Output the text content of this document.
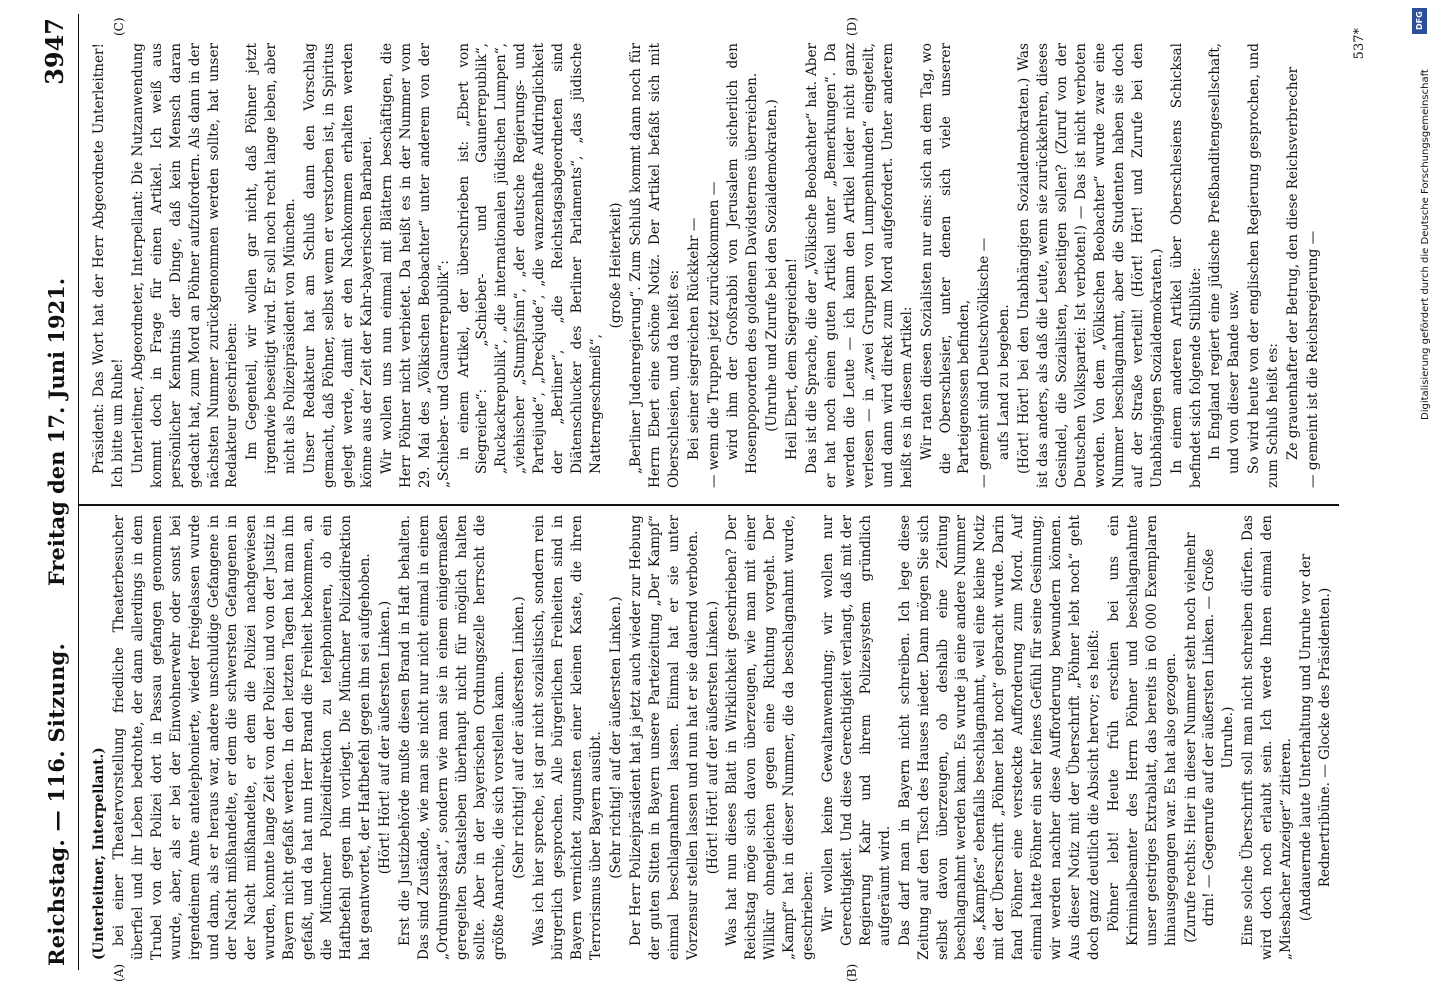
Reichstag. — 116. Sitzung.
Freitag den 17. Juni 1921.
3947
(A)	(B)
(C)	(D)

(Unterleitner, Interpellant.) bei einer Theatervorstellung friedliche Theaterbesucher überfiel und ihr Leben bedrohte, der dann allerdings in dem Trubel von der Polizei dort in Passau gefangen genommen wurde, aber, als er bei der Einwohnerwehr oder sonst bei irgendeinem Amte antelephonierte, wieder freigelassen wurde und dann, als er heraus war, andere unschuldige Gefangene in der Nacht mißhandelte, er dem die schwersten Gefangenen in der Nacht mißhandelte, er dem die Polizei nachgewiesen wurden, konnte lange Zeit von der Polizei und von der Justiz in Bayern nicht gefaßt werden. In den letzten Tagen hat man ihn gefaßt, und da hat nun Herr Brand die Freiheit bekommen, an die Münchner Polizeidirektion zu telephonieren, ob ein Haftbefehl gegen ihn vorliegt. Die Münchner Polizeidirektion hat geantwortet, der Haftbefehl gegen ihn sei aufgehoben. (Hört! Hört! auf der äußersten Linken.) Erst die Justizbehörde mußte diesen Brand in Haft behalten. Das sind Zustände, wie man sie nicht nur nicht einmal in einem „Ordnungsstaat“, sondern wie man sie in einem einigermaßen geregelten Staatsleben überhaupt nicht für möglich halten sollte. Aber in der bayerischen Ordnungszelle herrscht die größte Anarchie, die sich vorstellen kann. (Sehr richtig! auf der äußersten Linken.) Was ich hier spreche, ist gar nicht sozialistisch, sondern rein bürgerlich gesprochen. Alle bürgerlichen Freiheiten sind in Bayern vernichtet zugunsten einer kleinen Kaste, die ihren Terrorismus über Bayern ausübt. (Sehr richtig! auf der äußersten Linken.) Der Herr Polizeipräsident hat ja jetzt auch wieder zur Hebung der guten Sitten in Bayern unsere Parteizeitung „Der Kampf“ einmal beschlagnahmen lassen. Einmal hat er sie unter Vorzensur stellen lassen und nun hat er sie dauernd verboten. (Hört! Hört! auf der äußersten Linken.) Was hat nun dieses Blatt in Wirklichkeit geschrieben? Der Reichstag möge sich davon überzeugen, wie man mit einer Willkür ohnegleichen gegen eine Richtung vorgeht. Der „Kampf“ hat in dieser Nummer, die da beschlagnahmt wurde, geschrieben: Wir wollen keine Gewaltanwendung; wir wollen nur Gerechtigkeit. Und diese Gerechtigkeit verlangt, daß mit der Regierung Kahr und ihrem Polizeisystem gründlich aufgeräumt wird. Das darf man in Bayern nicht schreiben. Ich lege diese Zeitung auf den Tisch des Hauses nieder. Dann mögen Sie sich selbst davon überzeugen, ob deshalb eine Zeitung beschlagnahmt werden kann. Es wurde ja eine andere Nummer des „Kampfes“ ebenfalls beschlagnahmt, weil eine kleine Notiz mit der Überschrift „Pöhner lebt noch“ gebracht wurde. Darin fand Pöhner eine versteckte Aufforderung zum Mord. Auf einmal hatte Pöhner ein sehr feines Gefühl für seine Gesinnung; wir werden nachher diese Aufforderung bewundern können. Aus dieser Notiz mit der Überschrift „Pöhner lebt noch“ geht doch ganz deutlich die Absicht hervor; es heißt: Pöhner lebt! Heute früh erschien bei uns ein Kriminalbeamter des Herrn Pöhner und beschlagnahmte unser gestriges Extrablatt, das bereits in 60 000 Exemplaren hinausgegangen war. Es hat also gezogen. (Zurufe rechts: Hier in dieser Nummer steht noch vielmehr drin! — Gegenrufe auf der äußersten Linken. — Große Unruhe.) Eine solche Überschrift soll man nicht schreiben dürfen. Das wird doch noch erlaubt sein. Ich werde Ihnen einmal den „Miesbacher Anzeiger“ zitieren. (Andauernde laute Unterhaltung und Unruhe vor der Rednertribüne. — Glocke des Präsidenten.)

Präsident: Das Wort hat der Herr Abgeordnete Unterleitner! Ich bitte um Ruhe! Unterleitner, Abgeordneter, Interpellant: Die Nutzanwendung kommt doch in Frage für einen Artikel. Ich weiß aus persönlicher Kenntnis der Dinge, daß kein Mensch daran gedacht hat, zum Mord an Pöhner aufzufordern. Als dann in der nächsten Nummer zurückgenommen werden sollte, hat unser Redakteur geschrieben: Im Gegenteil, wir wollen gar nicht, daß Pöhner jetzt irgendwie beseitigt wird. Er soll noch recht lange leben, aber nicht als Polizeipräsident von München. Unser Redakteur hat am Schluß dann den Vorschlag gemacht, daß Pöhner, selbst wenn er verstorben ist, in Spiritus gelegt werde, damit er den Nachkommen erhalten werden könne aus der Zeit der Kahr-bayerischen Barbarei. Wir wollen uns nun einmal mit Blättern beschäftigen, die Herr Pöhner nicht verbietet. Da heißt es in der Nummer vom 29. Mai des „Völkischen Beobachter“ unter anderem von der „Schieber- und Gaunerrepublik“: in einem Artikel, der überschrieben ist: „Ebert von Siegreiche“: „Schieber- und Gaunerrepublik“, „Ruckackrepublik“, „die internationalen jüdischen Lumpen“, „viehischer „Stumpfsinn“, „der deutsche Regierungs- und Parteijude“, „Dreckjude“, „die wanzenhafte Aufdringlichkeit der „Berliner“, „die Reichstagsabgeordneten sind Diätenschlucker des Berliner Parlaments“, „das jüdische Natterngeschmeiß“,

(große Heiterkeit) „Berliner Judenregierung“. Zum Schluß kommt dann noch für Herrn Ebert eine schöne Notiz. Der Artikel befaßt sich mit Oberschlesien, und da heißt es: Bei seiner siegreichen Rückkehr — — wenn die Truppen jetzt zurückkommen — wird ihm der Großrabbi von Jerusalem sicherlich den Hosenpopoorden des goldenen Davidsternes überreichen. (Unruhe und Zurufe bei den Sozialdemokraten.) Heil Ebert, dem Siegreichen! Das ist die Sprache, die der „Völkische Beobachter“ hat. Aber er hat noch einen guten Artikel unter „Bemerkungen“. Da werden die Leute — ich kann den Artikel leider nicht ganz verlesen — in „zwei Gruppen von Lumpenhunden“ eingeteilt, und dann wird direkt zum Mord aufgefordert. Unter anderem heißt es in diesem Artikel: Wir raten diesen Sozialisten nur eins: sich an dem Tag, wo die Oberschlesier, unter denen sich viele unserer Parteigenossen befinden, — gemeint sind Deutschvölkische — aufs Land zu begeben. (Hört! Hört! bei den Unabhängigen Sozialdemokraten.) Was ist das anders, als daß die Leute, wenn sie zurückkehren, dieses Gesindel, die Sozialisten, beseitigen sollen? (Zuruf von der Deutschen Volkspartei: Ist verboten!) — Das ist nicht verboten worden. Von dem „Völkischen Beobachter“ wurde zwar eine Nummer beschlagnahmt, aber die Studenten haben sie doch auf der Straße verteilt! (Hört! Hört! und Zurufe bei den Unabhängigen Sozialdemokraten.) In einem anderen Artikel über Oberschlesiens Schicksal befindet sich folgende Stilblüte: In England regiert eine jüdische Preßbanditengesellschaft, und von dieser Bande usw. So wird heute von der englischen Regierung gesprochen, und zum Schluß heißt es: Ze grauenhafter der Betrug, den diese Reichsverbrecher — gemeint ist die Reichsregierung —

537*
DFG
Digitalisierung gefördert durch die Deutsche Forschungsgemeinschaft
